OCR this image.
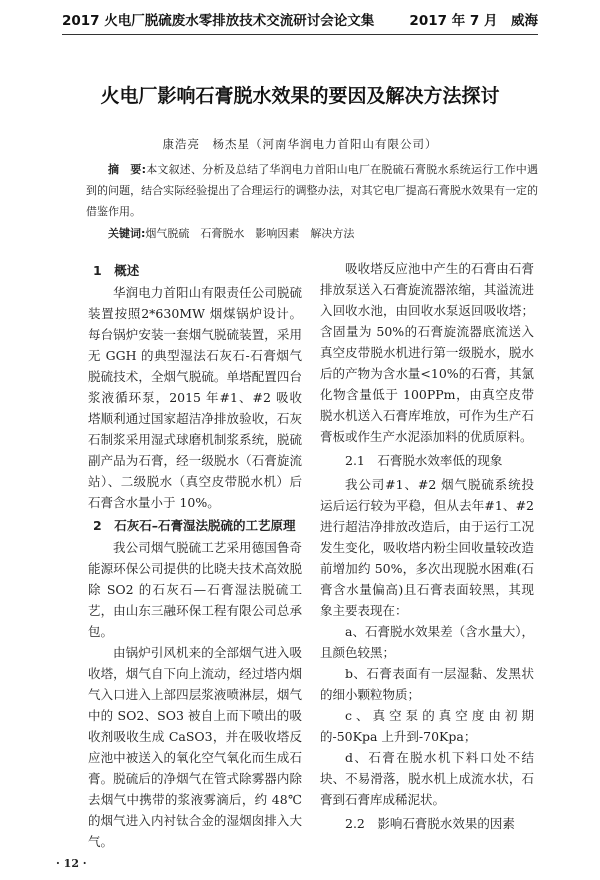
2017 火电厂脱硫废水零排放技术交流研讨会论文集	2017 年 7 月　威海
火电厂影响石膏脱水效果的要因及解决方法探讨
康浩亮　杨杰星（河南华润电力首阳山有限公司）
摘　要:本文叙述、分析及总结了华润电力首阳山电厂在脱硫石膏脱水系统运行工作中遇到的问题，结合实际经验提出了合理运行的调整办法，对其它电厂提高石膏脱水效果有一定的借鉴作用。
关键词:烟气脱硫　石膏脱水　影响因素　解决方法

1　概述

华润电力首阳山有限责任公司脱硫装置按照2*630MW 烟煤锅炉设计。每台锅炉安装一套烟气脱硫装置，采用无 GGH 的典型湿法石灰石-石膏烟气脱硫技术，全烟气脱硫。单塔配置四台浆液循环泵，2015 年#1、#2 吸收塔顺利通过国家超洁净排放验收，石灰石制浆采用湿式球磨机制浆系统，脱硫副产品为石膏，经一级脱水（石膏旋流站）、二级脱水（真空皮带脱水机）后石膏含水量小于 10%。

2　石灰石–石膏湿法脱硫的工艺原理

我公司烟气脱硫工艺采用德国鲁奇能源环保公司提供的比晓夫技术高效脱除 SO2 的石灰石—石膏湿法脱硫工艺，由山东三融环保工程有限公司总承包。

由锅炉引风机来的全部烟气进入吸收塔，烟气自下向上流动，经过塔内烟气入口进入上部四层浆液喷淋层，烟气中的 SO2、SO3 被自上而下喷出的吸收剂吸收生成 CaSO3，并在吸收塔反应池中被送入的氧化空气氧化而生成石膏。脱硫后的净烟气在管式除雾器内除去烟气中携带的浆液雾滴后，约 48℃的烟气进入内衬钛合金的湿烟囱排入大气。

· 12 ·

吸收塔反应池中产生的石膏由石膏排放泵送入石膏旋流器浓缩，其溢流进入回收水池，由回收水泵返回吸收塔；含固量为 50%的石膏旋流器底流送入真空皮带脱水机进行第一级脱水，脱水后的产物为含水量<10%的石膏，其氯化物含量低于 100PPm，由真空皮带脱水机送入石膏库堆放，可作为生产石膏板或作生产水泥添加料的优质原料。

2.1　石膏脱水效率低的现象

我公司#1、#2 烟气脱硫系统投运后运行较为平稳，但从去年#1、#2 进行超洁净排放改造后，由于运行工况发生变化，吸收塔内粉尘回收量较改造前增加约 50%，多次出现脱水困难(石膏含水量偏高)且石膏表面较黑，其现象主要表现在：

a、石膏脱水效果差（含水量大），且颜色较黑；

b、石膏表面有一层湿黏、发黑状的细小颗粒物质；

c、真空泵的真空度由初期的-50Kpa 上升到-70Kpa；

d、石膏在脱水机下料口处不结块、不易滑落，脱水机上成流水状，石膏到石膏库成稀泥状。

2.2　影响石膏脱水效果的因素
